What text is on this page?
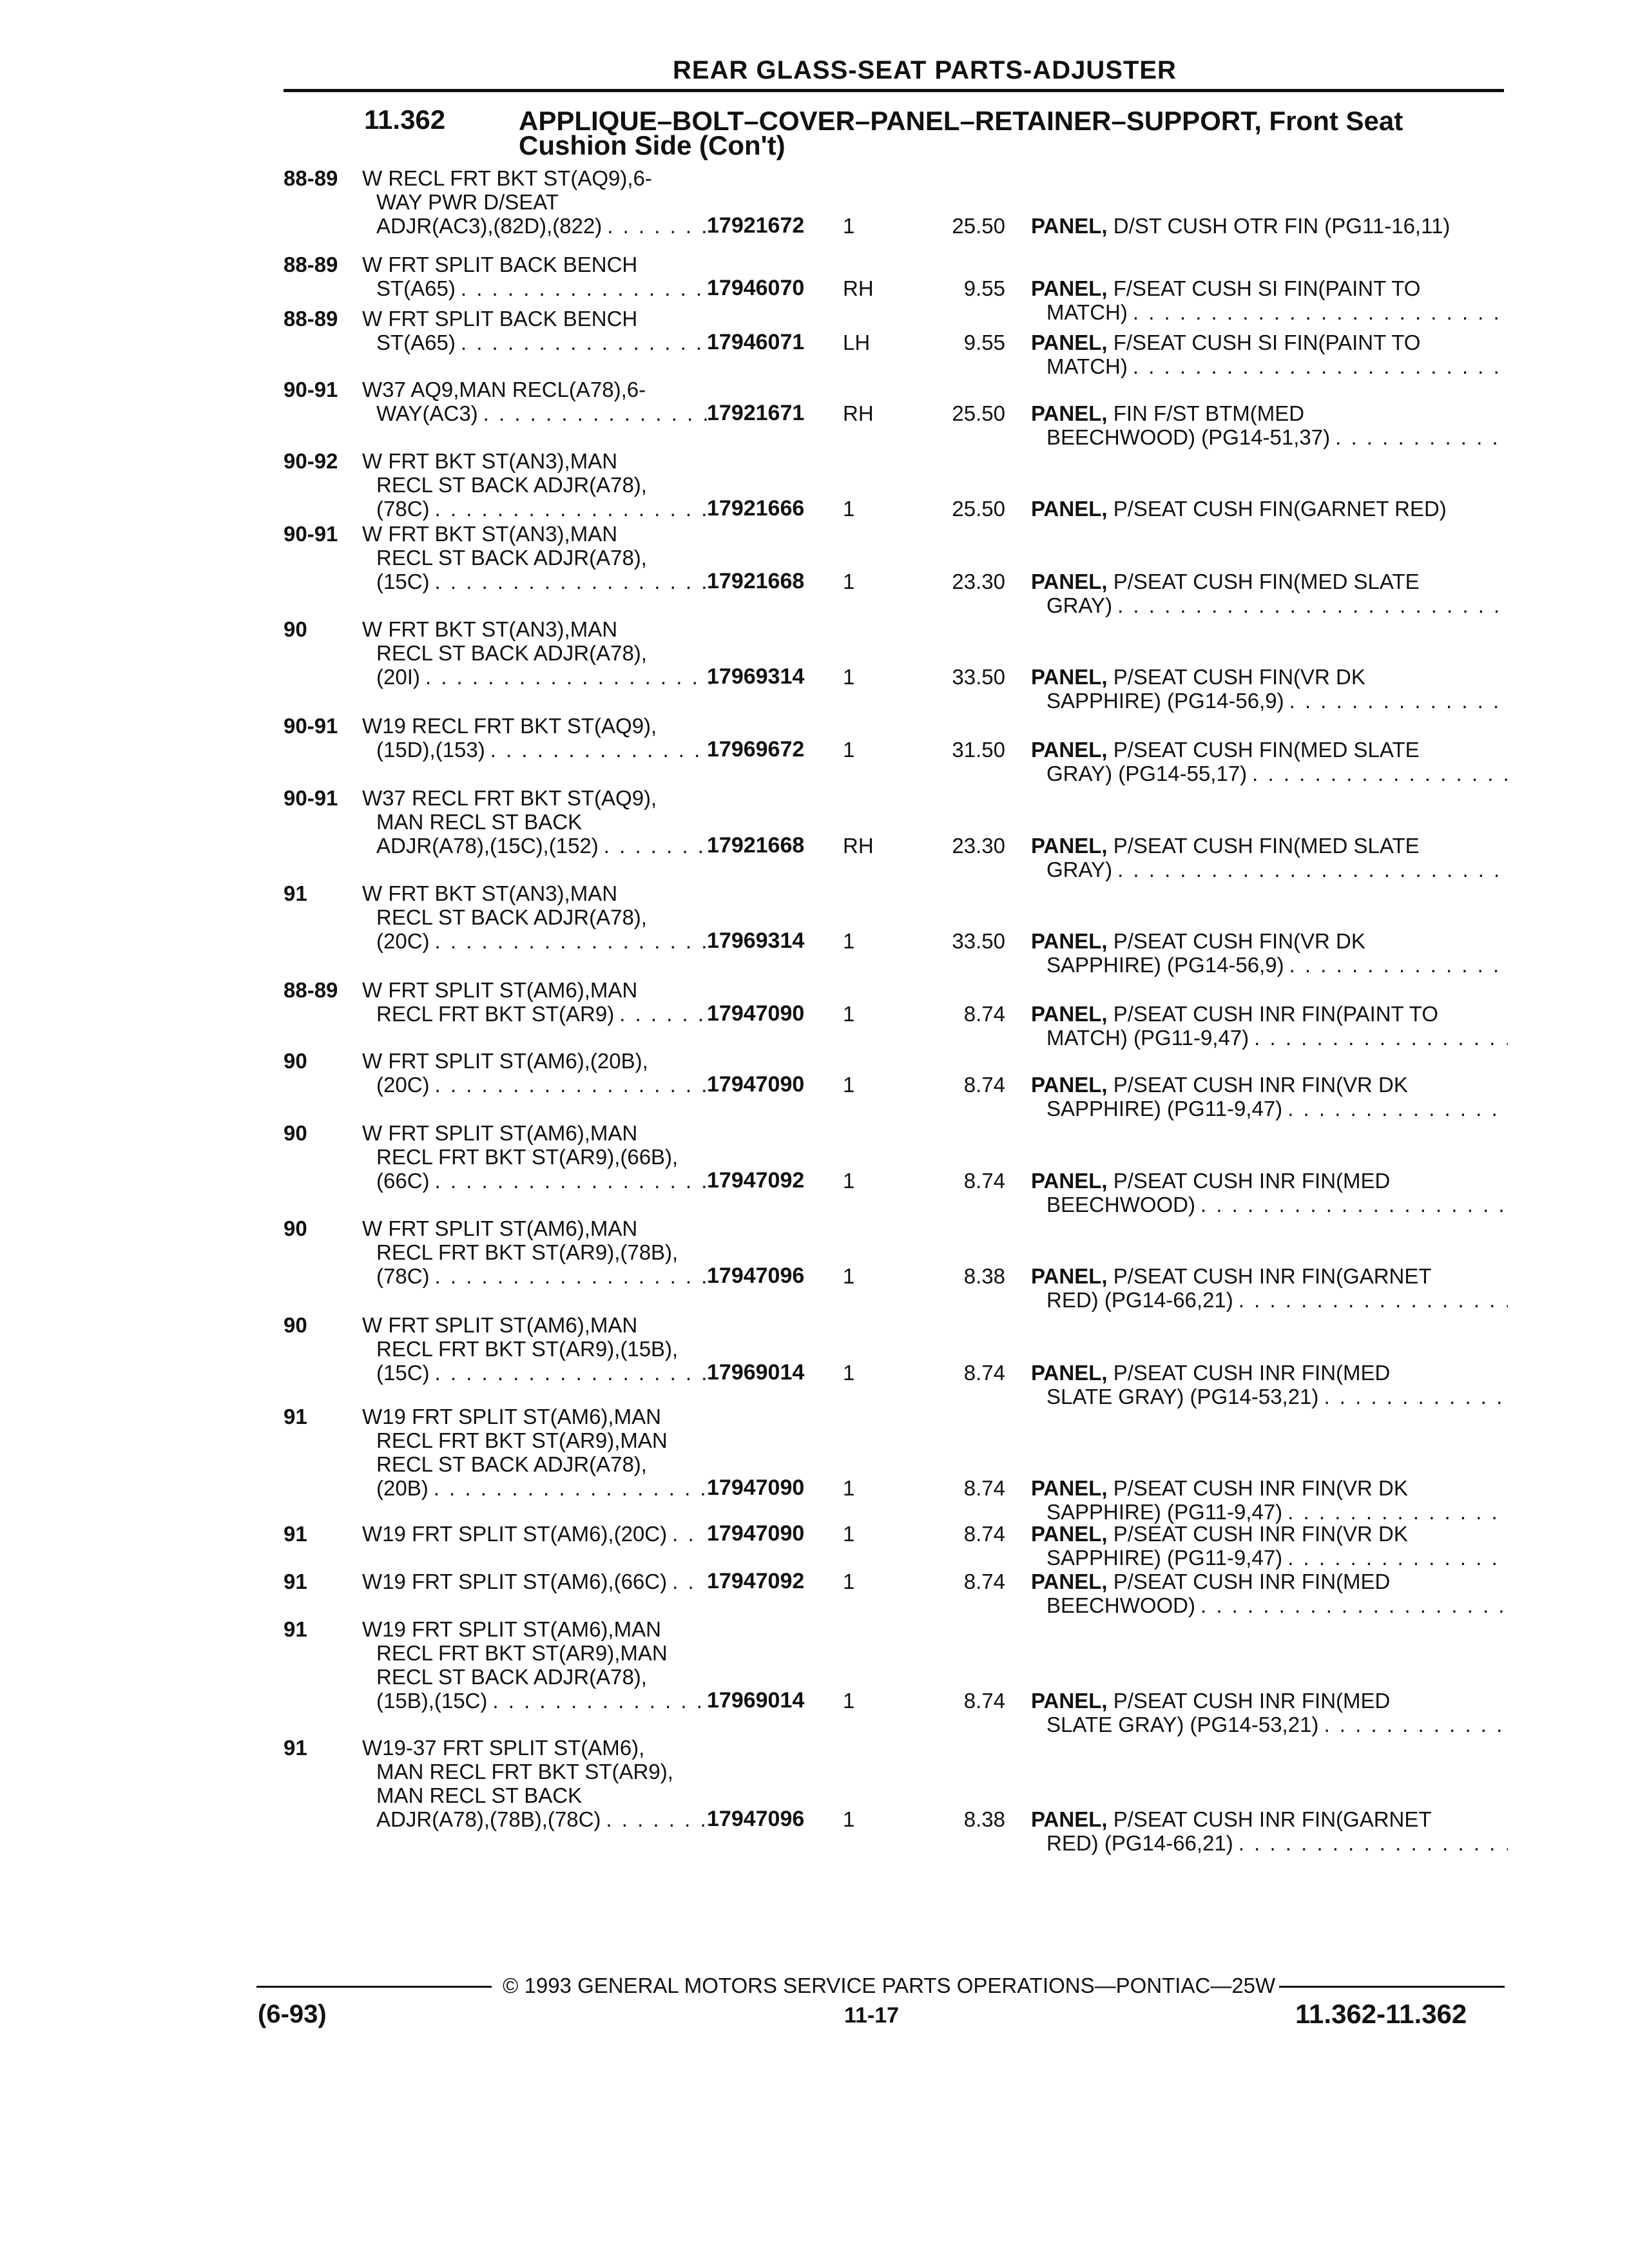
REAR GLASS-SEAT PARTS-ADJUSTER
11.362	APPLIQUE–BOLT–COVER–PANEL–RETAINER–SUPPORT, Front Seat
Cushion Side (Con't)
88-89 W RECL FRT BKT ST(AQ9),6-
WAY PWR D/SEAT
ADJR(AC3),(82D),(822) . . .	17921672	1	25.50 PANEL, D/ST CUSH OTR FIN (PG11-16,11)
88-89 W FRT SPLIT BACK BENCH
ST(A65) . . .	17946070	RH	9.55 PANEL, F/SEAT CUSH SI FIN(PAINT TO
MATCH)
. . .
88-89 W FRT SPLIT BACK BENCH
ST(A65) . . .	17946071	LH	9.55 PANEL, F/SEAT CUSH SI FIN(PAINT TO
MATCH)
. . .
90-91 W37 AQ9,MAN RECL(A78),6-
WAY(AC3) . . .	17921671	RH	25.50 PANEL, FIN F/ST BTM(MED
BEECHWOOD) (PG14-51,37)
. . .
90-92 W FRT BKT ST(AN3),MAN
RECL ST BACK ADJR(A78),
(78C) . . .	17921666	1	25.50 PANEL, P/SEAT CUSH FIN(GARNET RED)
90-91 W FRT BKT ST(AN3),MAN
RECL ST BACK ADJR(A78),
(15C) . . .	17921668	1	23.30 PANEL, P/SEAT CUSH FIN(MED SLATE
GRAY)
. . .
90	W FRT BKT ST(AN3),MAN
RECL ST BACK ADJR(A78),
(20I) . . .	17969314	1	33.50 PANEL, P/SEAT CUSH FIN(VR DK
SAPPHIRE) (PG14-56,9)
. . .
90-91 W19 RECL FRT BKT ST(AQ9),
(15D),(153) . . .	17969672	1	31.50 PANEL, P/SEAT CUSH FIN(MED SLATE
GRAY) (PG14-55,17)
. . .
90-91 W37 RECL FRT BKT ST(AQ9),
MAN RECL ST BACK
ADJR(A78),(15C),(152) . . .	17921668	RH	23.30 PANEL, P/SEAT CUSH FIN(MED SLATE
GRAY)
. . .
91	W FRT BKT ST(AN3),MAN
RECL ST BACK ADJR(A78),
(20C) . . .	17969314	1	33.50 PANEL, P/SEAT CUSH FIN(VR DK
SAPPHIRE) (PG14-56,9)
. . .
88-89 W FRT SPLIT ST(AM6),MAN
RECL FRT BKT ST(AR9) . . .	17947090	1	8.74 PANEL, P/SEAT CUSH INR FIN(PAINT TO
MATCH) (PG11-9,47)
. . .
90	W FRT SPLIT ST(AM6),(20B),
(20C) . . .	17947090	1	8.74 PANEL, P/SEAT CUSH INR FIN(VR DK
SAPPHIRE) (PG11-9,47)
. . .
90	W FRT SPLIT ST(AM6),MAN
RECL FRT BKT ST(AR9),(66B),
(66C) . . .	17947092	1	8.74 PANEL, P/SEAT CUSH INR FIN(MED
BEECHWOOD)
. . .
90	W FRT SPLIT ST(AM6),MAN
RECL FRT BKT ST(AR9),(78B),
(78C) . . .	17947096	1	8.38 PANEL, P/SEAT CUSH INR FIN(GARNET
RED) (PG14-66,21)
. . .
90	W FRT SPLIT ST(AM6),MAN
RECL FRT BKT ST(AR9),(15B),
(15C) . . .	17969014	1	8.74 PANEL, P/SEAT CUSH INR FIN(MED
SLATE GRAY) (PG14-53,21)
. . .
91	W19 FRT SPLIT ST(AM6),MAN
RECL FRT BKT ST(AR9),MAN
RECL ST BACK ADJR(A78),
(20B) . . .	17947090	1	8.74 PANEL, P/SEAT CUSH INR FIN(VR DK
SAPPHIRE) (PG11-9,47)
. . .
91	W19 FRT SPLIT ST(AM6),(20C) . . . 17947090	1	8.74 PANEL, P/SEAT CUSH INR FIN(VR DK
SAPPHIRE) (PG11-9,47)
. . .
91	W19 FRT SPLIT ST(AM6),(66C) . . . 17947092	1	8.74 PANEL, P/SEAT CUSH INR FIN(MED
BEECHWOOD)
. . .
91	W19 FRT SPLIT ST(AM6),MAN
RECL FRT BKT ST(AR9),MAN
RECL ST BACK ADJR(A78),
(15B),(15C) . . .	17969014	1	8.74 PANEL, P/SEAT CUSH INR FIN(MED
SLATE GRAY) (PG14-53,21)
. . .
91	W19-37 FRT SPLIT ST(AM6),
MAN RECL FRT BKT ST(AR9),
MAN RECL ST BACK
ADJR(A78),(78B),(78C) . . .	17947096	1	8.38 PANEL, P/SEAT CUSH INR FIN(GARNET
RED) (PG14-66,21)
. . .
© 1993 GENERAL MOTORS SERVICE PARTS OPERATIONS—PONTIAC—25W
(6-93)	11-17	11.362-11.362
